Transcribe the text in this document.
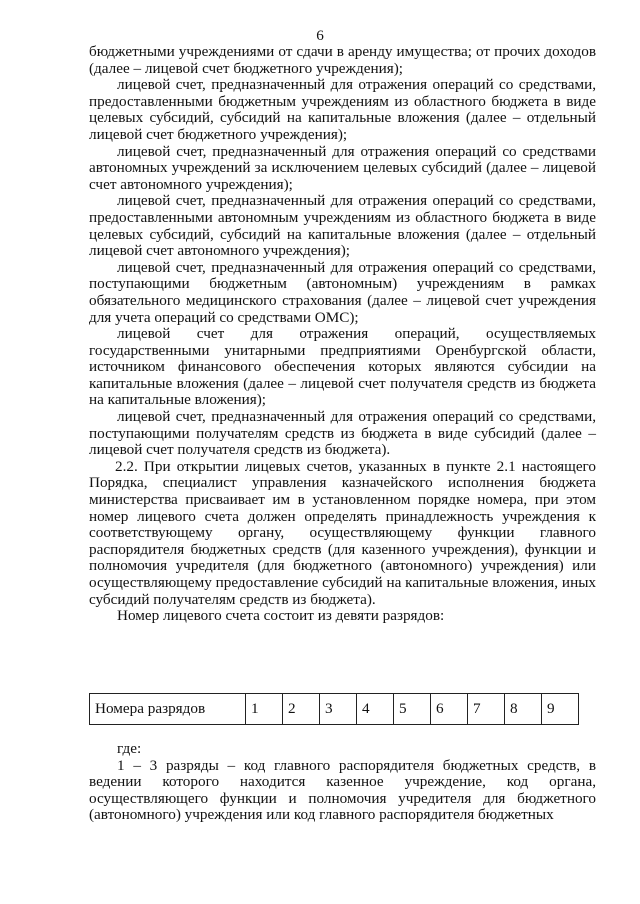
6

бюджетными учреждениями от сдачи в аренду имущества; от прочих доходов (далее – лицевой счет бюджетного учреждения);

лицевой счет, предназначенный для отражения операций со средствами, предоставленными бюджетным учреждениям из областного бюджета в виде целевых субсидий, субсидий на капитальные вложения (далее – отдельный лицевой счет бюджетного учреждения);

лицевой счет, предназначенный для отражения операций со средствами автономных учреждений за исключением целевых субсидий (далее – лицевой счет автономного учреждения);

лицевой счет, предназначенный для отражения операций со средствами, предоставленными автономным учреждениям из областного бюджета в виде целевых субсидий, субсидий на капитальные вложения (далее – отдельный лицевой счет автономного учреждения);

лицевой счет, предназначенный для отражения операций со средствами, поступающими бюджетным (автономным) учреждениям в рамках обязательного медицинского страхования (далее – лицевой счет учреждения для учета операций со средствами ОМС);

лицевой счет для отражения операций, осуществляемых государственными унитарными предприятиями Оренбургской области, источником финансового обеспечения которых являются субсидии на капитальные вложения (далее – лицевой счет получателя средств из бюджета на капитальные вложения);

лицевой счет, предназначенный для отражения операций со средствами, поступающими получателям средств из бюджета в виде субсидий (далее – лицевой счет получателя средств из бюджета).

2.2. При открытии лицевых счетов, указанных в пункте 2.1 настоящего Порядка, специалист управления казначейского исполнения бюджета министерства присваивает им в установленном порядке номера, при этом номер лицевого счета должен определять принадлежность учреждения к соответствующему органу, осуществляющему функции главного распорядителя бюджетных средств (для казенного учреждения), функции и полномочия учредителя (для бюджетного (автономного) учреждения) или осуществляющему предоставление субсидий на капитальные вложения, иных субсидий получателям средств из бюджета).

Номер лицевого счета состоит из девяти разрядов:

Номера разрядов	1	2	3	4	5	6	7	8	9

где:

1 – 3 разряды – код главного распорядителя бюджетных средств, в ведении которого находится казенное учреждение, код органа, осуществляющего функции и полномочия учредителя для бюджетного (автономного) учреждения или код главного распорядителя бюджетных
